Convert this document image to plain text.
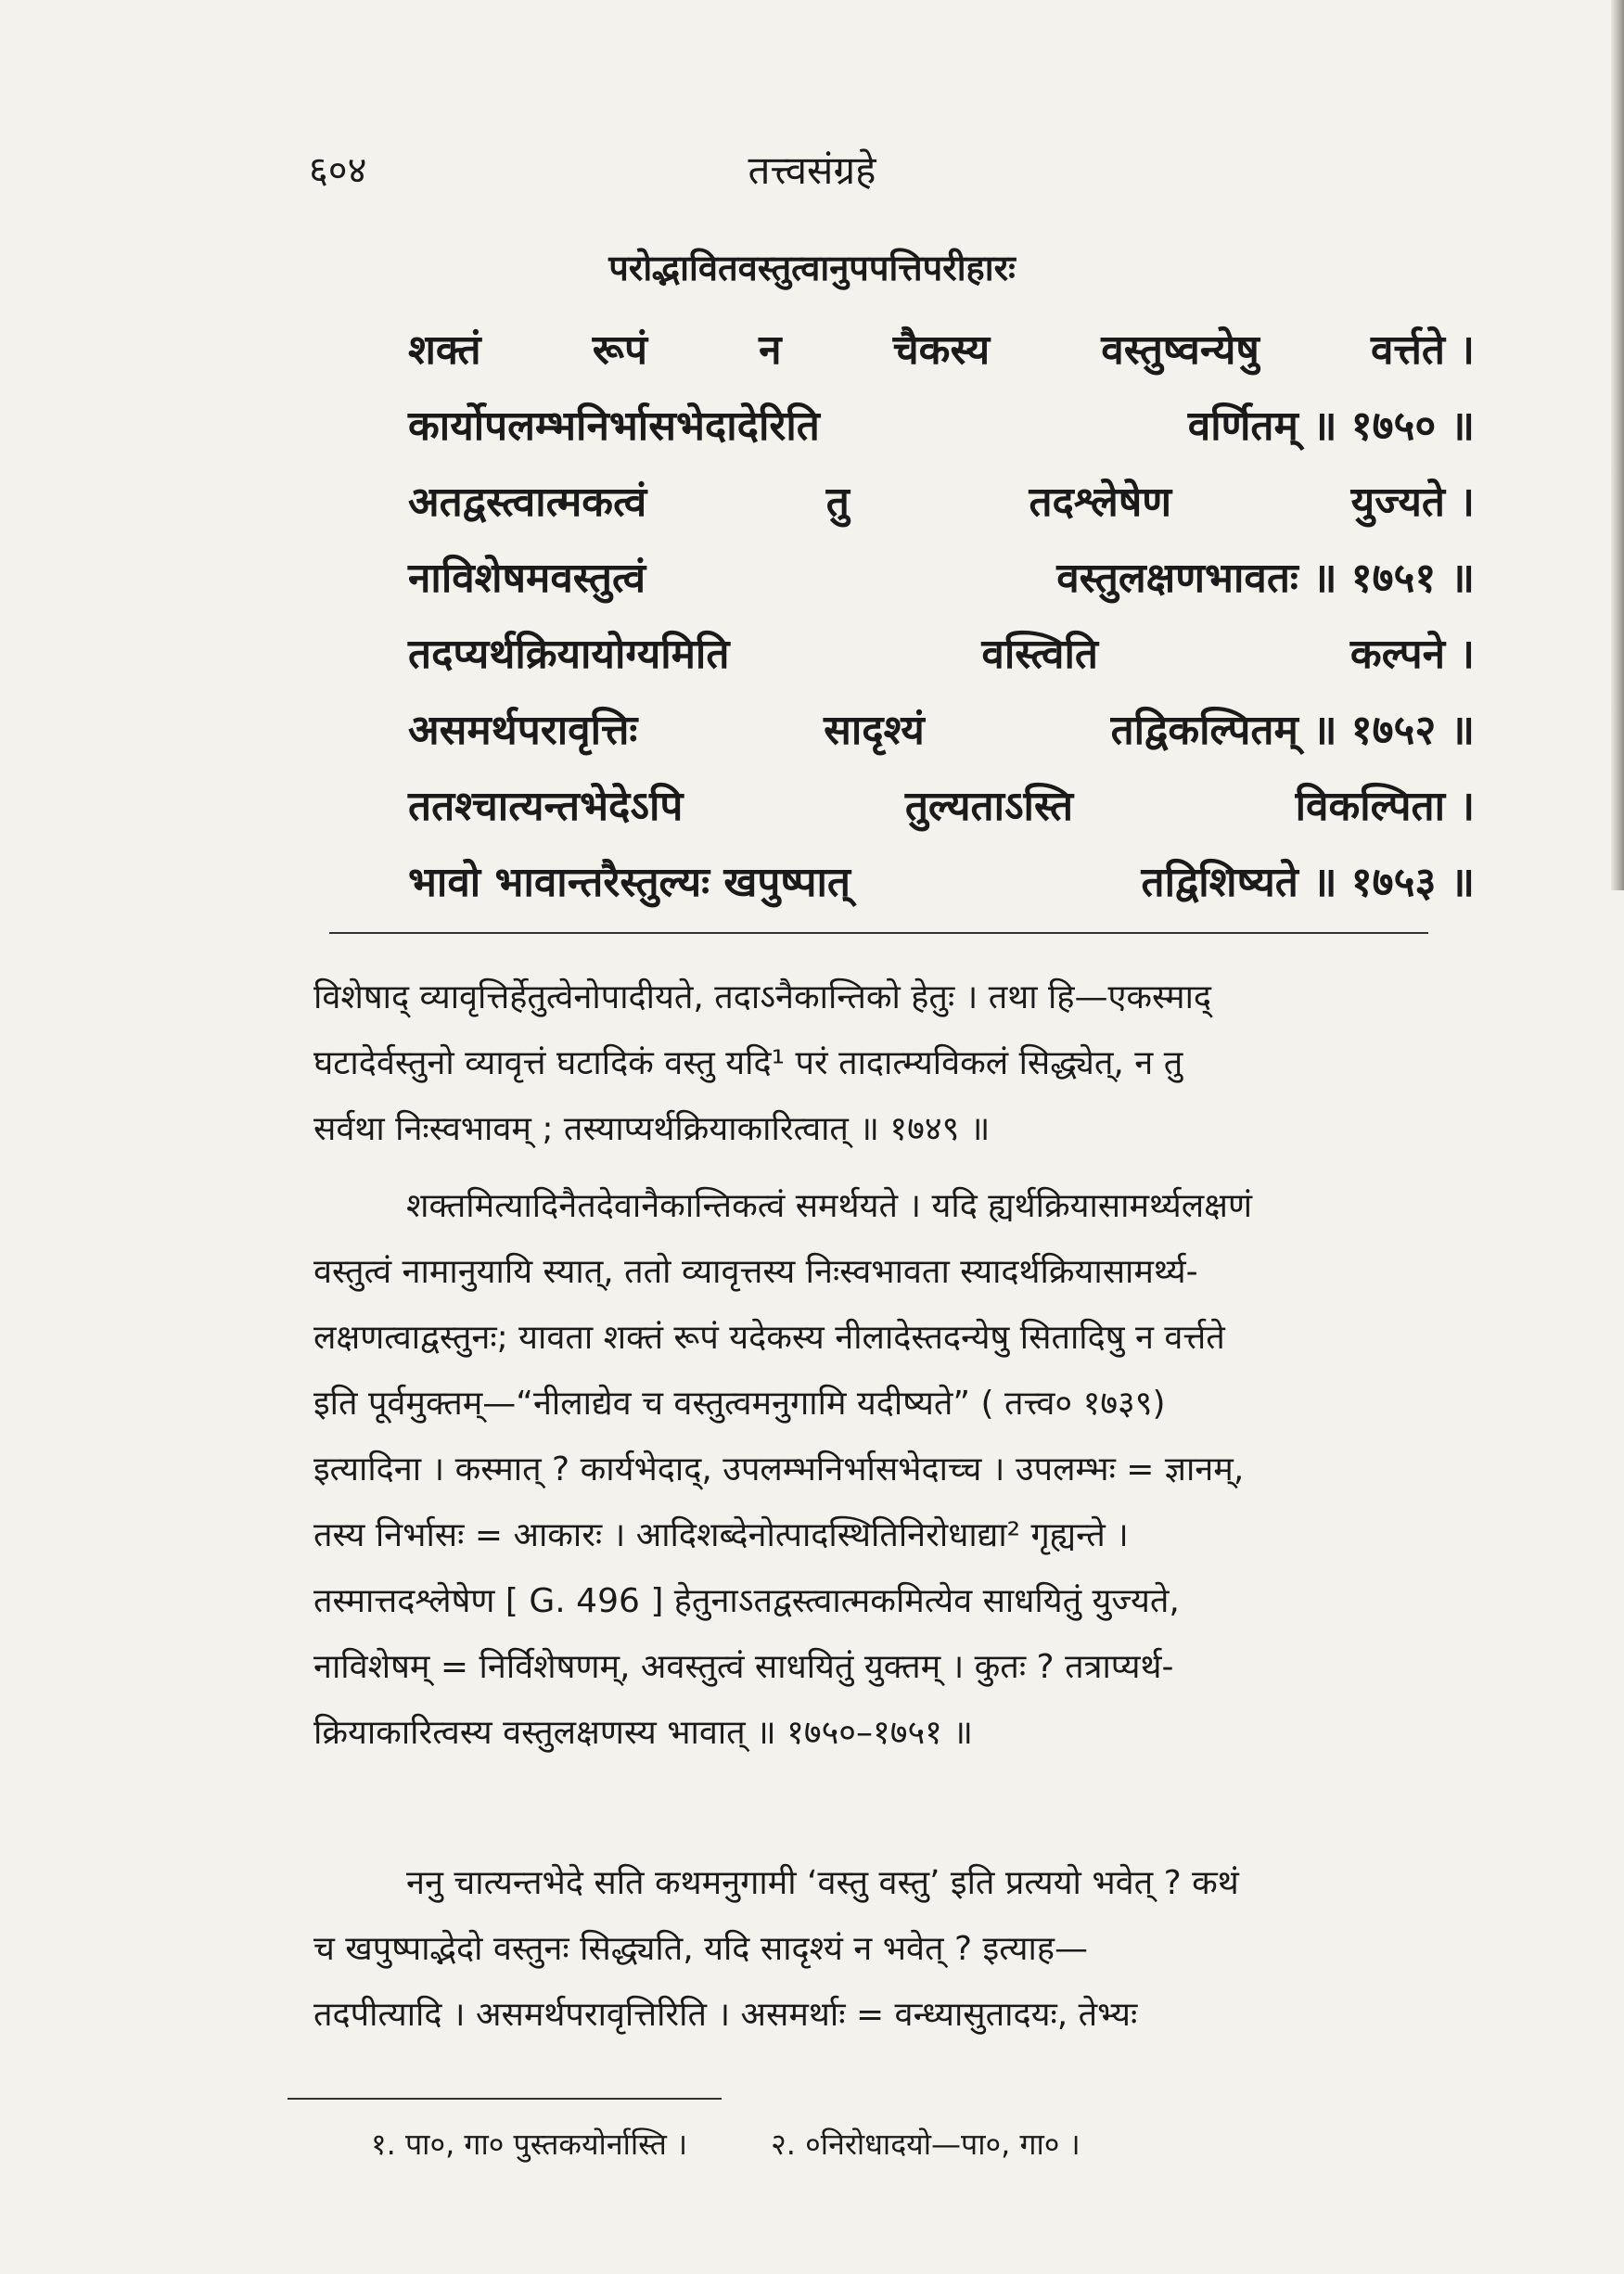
६०४	तत्त्वसंग्रहे
परोद्भावितवस्तुत्वानुपपत्तिपरीहारः
शक्तं	रूपं	न	चैकस्य	वस्तुष्वन्येषु	वर्त्तते ।
कार्योपलम्भनिर्भासभेदादेरिति	वर्णितम् ॥ १७५० ॥
अतद्वस्त्वात्मकत्वं	तु	तदश्लेषेण	युज्यते ।
नाविशेषमवस्तुत्वं	वस्तुलक्षणभावतः ॥ १७५१ ॥
तदप्यर्थक्रियायोग्यमिति	वस्त्विति	कल्पने ।
असमर्थपरावृत्तिः	सादृश्यं	तद्विकल्पितम् ॥ १७५२ ॥
ततश्चात्यन्तभेदेऽपि	तुल्यताऽस्ति	विकल्पिता ।
भावो भावान्तरैस्तुल्यः खपुष्पात्	तद्विशिष्यते ॥ १७५३ ॥
विशेषाद् व्यावृत्तिर्हेतुत्वेनोपादीयते, तदाऽनैकान्तिको हेतुः । तथा हि—एकस्माद्
घटादेर्वस्तुनो व्यावृत्तं घटादिकं वस्तु यदि¹ परं तादात्म्यविकलं सिद्ध्येत्, न तु
सर्वथा निःस्वभावम् ; तस्याप्यर्थक्रियाकारित्वात् ॥ १७४९ ॥
शक्तमित्यादिनैतदेवानैकान्तिकत्वं समर्थयते । यदि ह्यर्थक्रियासामर्थ्यलक्षणं
वस्तुत्वं नामानुयायि स्यात्, ततो व्यावृत्तस्य निःस्वभावता स्यादर्थक्रियासामर्थ्य-
लक्षणत्वाद्वस्तुनः; यावता शक्तं रूपं यदेकस्य नीलादेस्तदन्येषु सितादिषु न वर्त्तते
इति पूर्वमुक्तम्—“नीलाद्येव च वस्तुत्वमनुगामि यदीष्यते” ( तत्त्व० १७३९)
इत्यादिना । कस्मात् ? कार्यभेदाद्, उपलम्भनिर्भासभेदाच्च । उपलम्भः = ज्ञानम्,
तस्य निर्भासः = आकारः । आदिशब्देनोत्पादस्थितिनिरोधाद्या² गृह्यन्ते ।
तस्मात्तदश्लेषेण [ G. 496 ] हेतुनाऽतद्वस्त्वात्मकमित्येव साधयितुं युज्यते,
नाविशेषम् = निर्विशेषणम्, अवस्तुत्वं साधयितुं युक्तम् । कुतः ? तत्राप्यर्थ-
क्रियाकारित्वस्य वस्तुलक्षणस्य भावात् ॥ १७५०–१७५१ ॥
ननु चात्यन्तभेदे सति कथमनुगामी ‘वस्तु वस्तु’ इति प्रत्ययो भवेत् ? कथं
च खपुष्पाद्भेदो वस्तुनः सिद्ध्यति, यदि सादृश्यं न भवेत् ? इत्याह—
तदपीत्यादि । असमर्थपरावृत्तिरिति । असमर्थाः = वन्ध्यासुतादयः, तेभ्यः
१. पा०, गा० पुस्तकयोर्नास्ति ।	२. ०निरोधादयो—पा०, गा० ।
